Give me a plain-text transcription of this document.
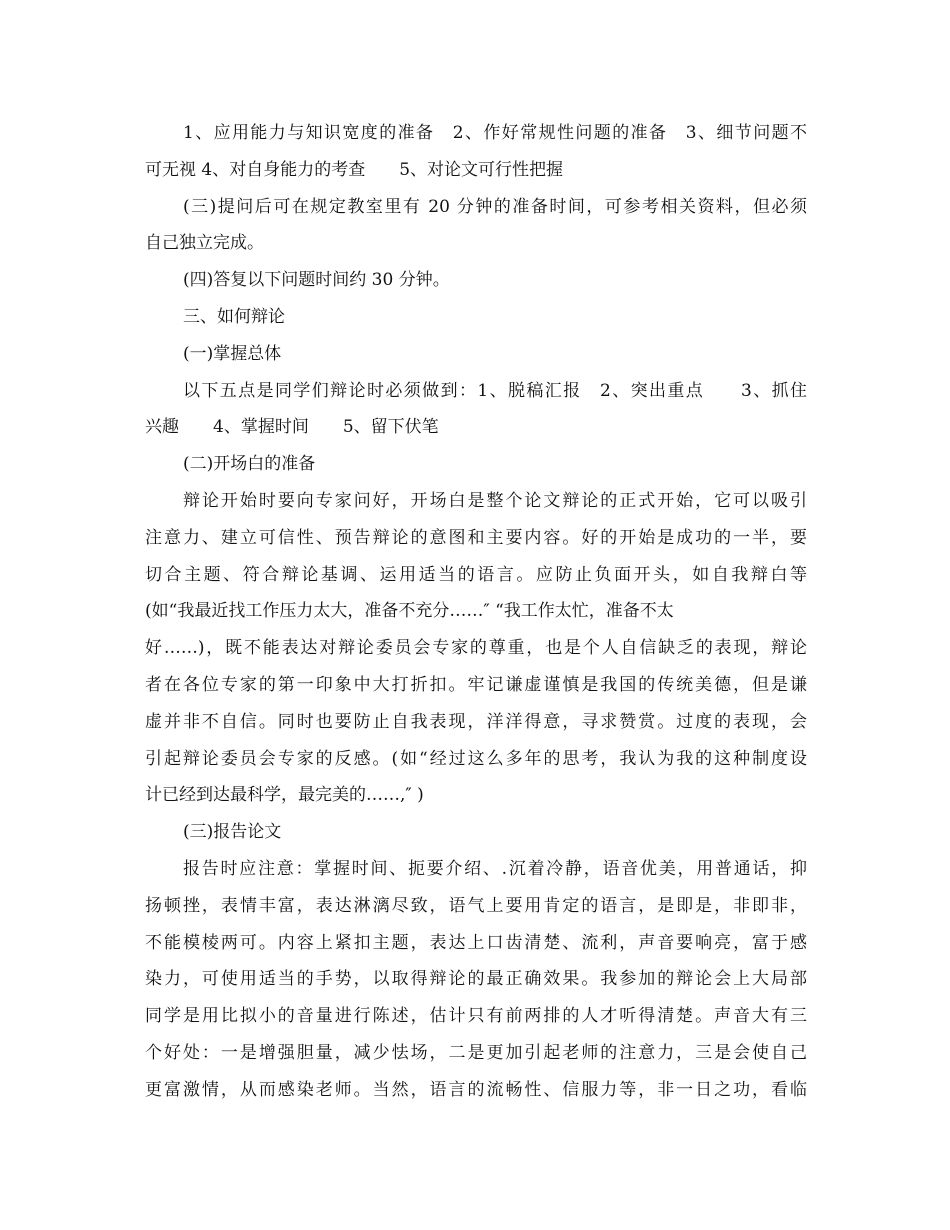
1、应用能力与知识宽度的准备　2、作好常规性问题的准备　3、细节问题不
可无视 4、对自身能力的考查　　5、对论文可行性把握
(三)提问后可在规定教室里有 20 分钟的准备时间，可参考相关资料，但必须
自己独立完成。
(四)答复以下问题时间约 30 分钟。
三、如何辩论
(一)掌握总体
以下五点是同学们辩论时必须做到：1、脱稿汇报　2、突出重点　　3、抓住
兴趣　　4、掌握时间　　5、留下伏笔
(二)开场白的准备
辩论开始时要向专家问好，开场白是整个论文辩论的正式开始，它可以吸引
注意力、建立可信性、预告辩论的意图和主要内容。好的开始是成功的一半，要
切合主题、符合辩论基调、运用适当的语言。应防止负面开头，如自我辩白等
(如“我最近找工作压力太大，准备不充分……″ “我工作太忙，准备不太
好……)，既不能表达对辩论委员会专家的尊重，也是个人自信缺乏的表现，辩论
者在各位专家的第一印象中大打折扣。牢记谦虚谨慎是我国的传统美德，但是谦
虚并非不自信。同时也要防止自我表现，洋洋得意，寻求赞赏。过度的表现，会
引起辩论委员会专家的反感。(如“经过这么多年的思考，我认为我的这种制度设
计已经到达最科学，最完美的……,″ )
(三)报告论文
报告时应注意：掌握时间、扼要介绍、.沉着冷静，语音优美，用普通话，抑
扬顿挫，表情丰富，表达淋漓尽致，语气上要用肯定的语言，是即是，非即非，
不能模棱两可。内容上紧扣主题，表达上口齿清楚、流利，声音要响亮，富于感
染力，可使用适当的手势，以取得辩论的最正确效果。我参加的辩论会上大局部
同学是用比拟小的音量进行陈述，估计只有前两排的人才听得清楚。声音大有三
个好处：一是增强胆量，减少怯场，二是更加引起老师的注意力，三是会使自己
更富激情，从而感染老师。当然，语言的流畅性、信服力等，非一日之功，看临
